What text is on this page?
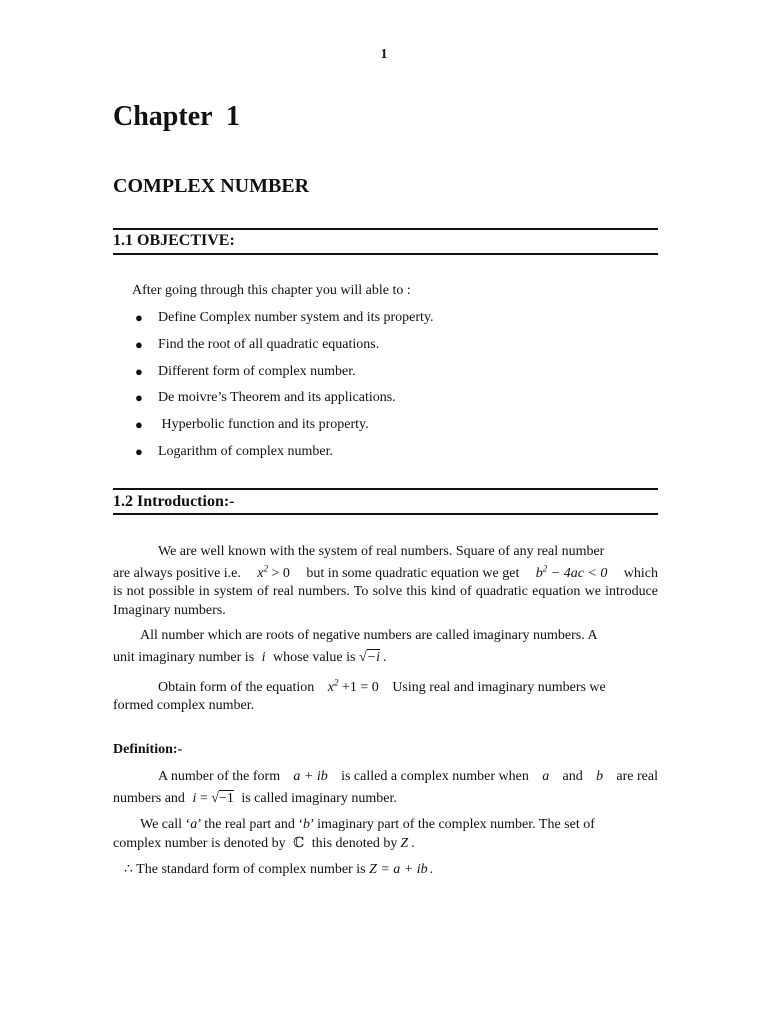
1
Chapter  1
COMPLEX NUMBER
1.1 OBJECTIVE:
After going through this chapter you will able to :
● Define Complex number system and its property.
● Find the root of all quadratic equations.
● Different form of complex number.
● De moivre’s Theorem and its applications.
● Hyperbolic function and its property.
● Logarithm of complex number.
1.2 Introduction:-
We are well known with the system of real numbers. Square of any real number
are always positive i.e. $x^2 > 0$ but in some quadratic equation we get $b^2 - 4ac < 0$ which
is not possible in system of real numbers. To solve this kind of quadratic equation we introduce Imaginary numbers.
All number which are roots of negative numbers are called imaginary numbers. A
unit imaginary number is i whose value is √−i .
Obtain form of the equation $x^2 +1 = 0$ Using real and imaginary numbers we
formed complex number.
Definition:-
A number of the form a + ib is called a complex number when a and b are real
numbers and i = √−1 is called imaginary number.
We call ‘a’ the real part and ‘b’ imaginary part of the complex number. The set of
complex number is denoted by ℂ this denoted by Z .
∴ The standard form of complex number is Z = a + ib .
